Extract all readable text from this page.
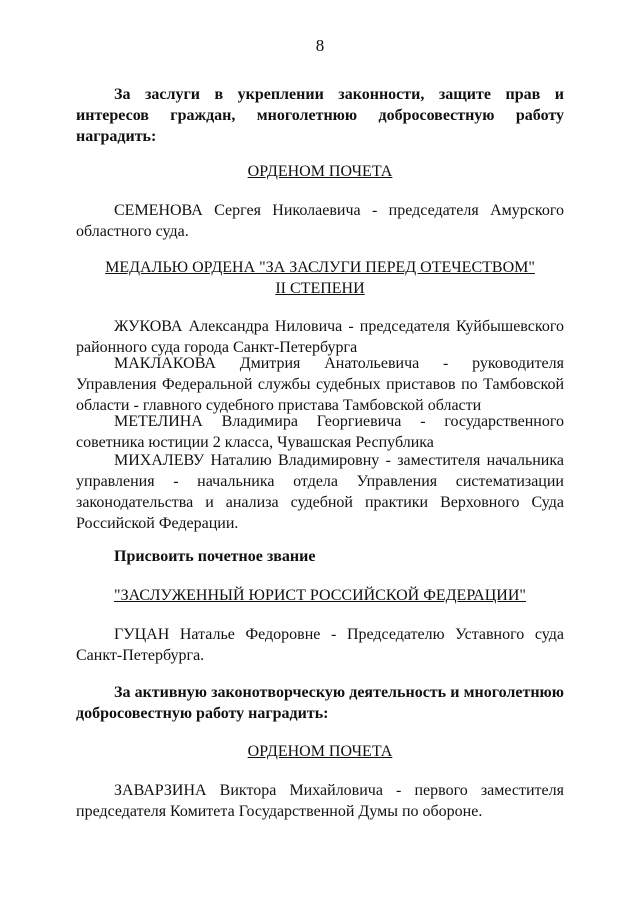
8
За заслуги в укреплении законности, защите прав и интересов граждан, многолетнюю добросовестную работу наградить:
ОРДЕНОМ ПОЧЕТА
СЕМЕНОВА Сергея Николаевича - председателя Амурского областного суда.
МЕДАЛЬЮ ОРДЕНА "ЗА ЗАСЛУГИ ПЕРЕД ОТЕЧЕСТВОМ"
II СТЕПЕНИ
ЖУКОВА Александра Ниловича - председателя Куйбышевского районного суда города Санкт-Петербурга
МАКЛАКОВА Дмитрия Анатольевича - руководителя Управления Федеральной службы судебных приставов по Тамбовской области - главного судебного пристава Тамбовской области
МЕТЕЛИНА Владимира Георгиевича - государственного советника юстиции 2 класса, Чувашская Республика
МИХАЛЕВУ Наталию Владимировну - заместителя начальника управления - начальника отдела Управления систематизации законодательства и анализа судебной практики Верховного Суда Российской Федерации.
Присвоить почетное звание
"ЗАСЛУЖЕННЫЙ ЮРИСТ РОССИЙСКОЙ ФЕДЕРАЦИИ"
ГУЦАН Наталье Федоровне - Председателю Уставного суда Санкт-Петербурга.
За активную законотворческую деятельность и многолетнюю добросовестную работу наградить:
ОРДЕНОМ ПОЧЕТА
ЗАВАРЗИНА Виктора Михайловича - первого заместителя председателя Комитета Государственной Думы по обороне.
